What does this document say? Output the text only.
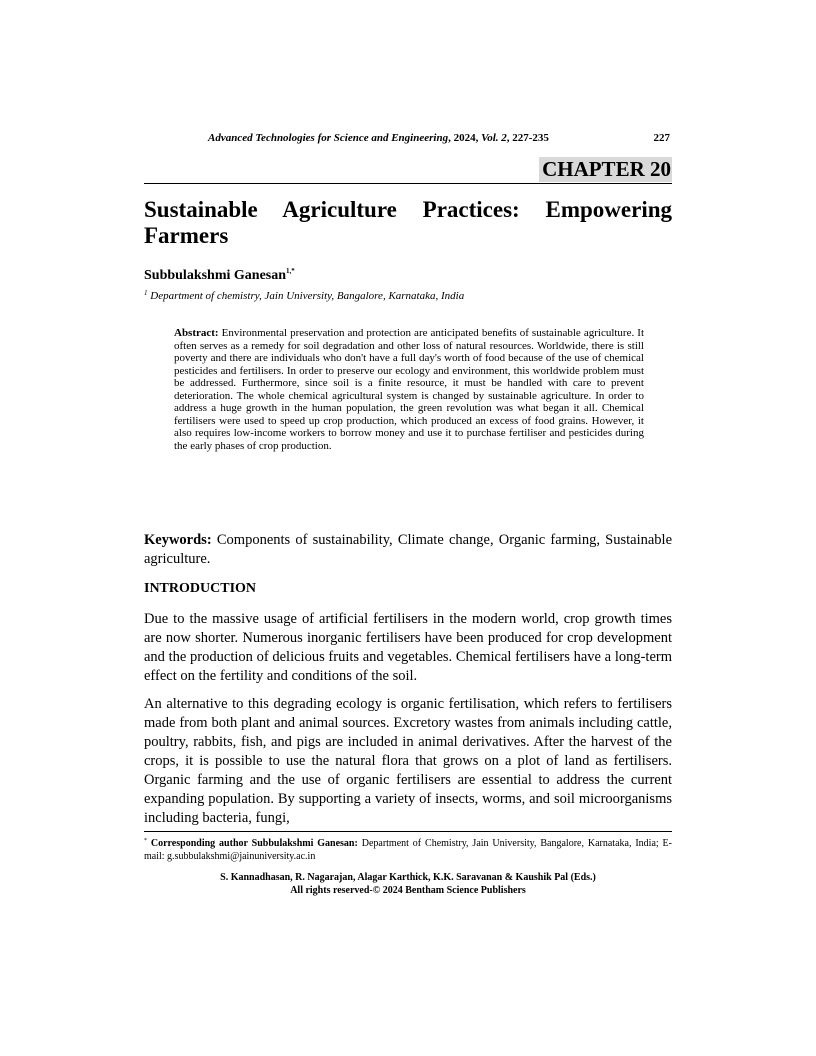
Advanced Technologies for Science and Engineering, 2024, Vol. 2, 227-235	227
CHAPTER 20
Sustainable Agriculture Practices: Empowering Farmers
Subbulakshmi Ganesan$^{1,*}$
$^1$ Department of chemistry, Jain University, Bangalore, Karnataka, India

Abstract: Environmental preservation and protection are anticipated benefits of sustainable agriculture. It often serves as a remedy for soil degradation and other loss of natural resources. Worldwide, there is still poverty and there are individuals who don't have a full day's worth of food because of the use of chemical pesticides and fertilisers. In order to preserve our ecology and environment, this worldwide problem must be addressed. Furthermore, since soil is a finite resource, it must be handled with care to prevent deterioration. The whole chemical agricultural system is changed by sustainable agriculture. In order to address a huge growth in the human population, the green revolution was what began it all. Chemical fertilisers were used to speed up crop production, which produced an excess of food grains. However, it also requires low-income workers to borrow money and use it to purchase fertiliser and pesticides during the early phases of crop production.

Keywords: Components of sustainability, Climate change, Organic farming, Sustainable agriculture.

INTRODUCTION

Due to the massive usage of artificial fertilisers in the modern world, crop growth times are now shorter. Numerous inorganic fertilisers have been produced for crop development and the production of delicious fruits and vegetables. Chemical fertilisers have a long-term effect on the fertility and conditions of the soil.

An alternative to this degrading ecology is organic fertilisation, which refers to fertilisers made from both plant and animal sources. Excretory wastes from animals including cattle, poultry, rabbits, fish, and pigs are included in animal derivatives. After the harvest of the crops, it is possible to use the natural flora that grows on a plot of land as fertilisers. Organic farming and the use of organic fertilisers are essential to address the current expanding population. By supporting a variety of insects, worms, and soil microorganisms including bacteria, fungi,

* Corresponding author Subbulakshmi Ganesan: Department of Chemistry, Jain University, Bangalore, Karnataka, India; E-mail: g.subbulakshmi@jainuniversity.ac.in

S. Kannadhasan, R. Nagarajan, Alagar Karthick, K.K. Saravanan & Kaushik Pal (Eds.)
All rights reserved-© 2024 Bentham Science Publishers
